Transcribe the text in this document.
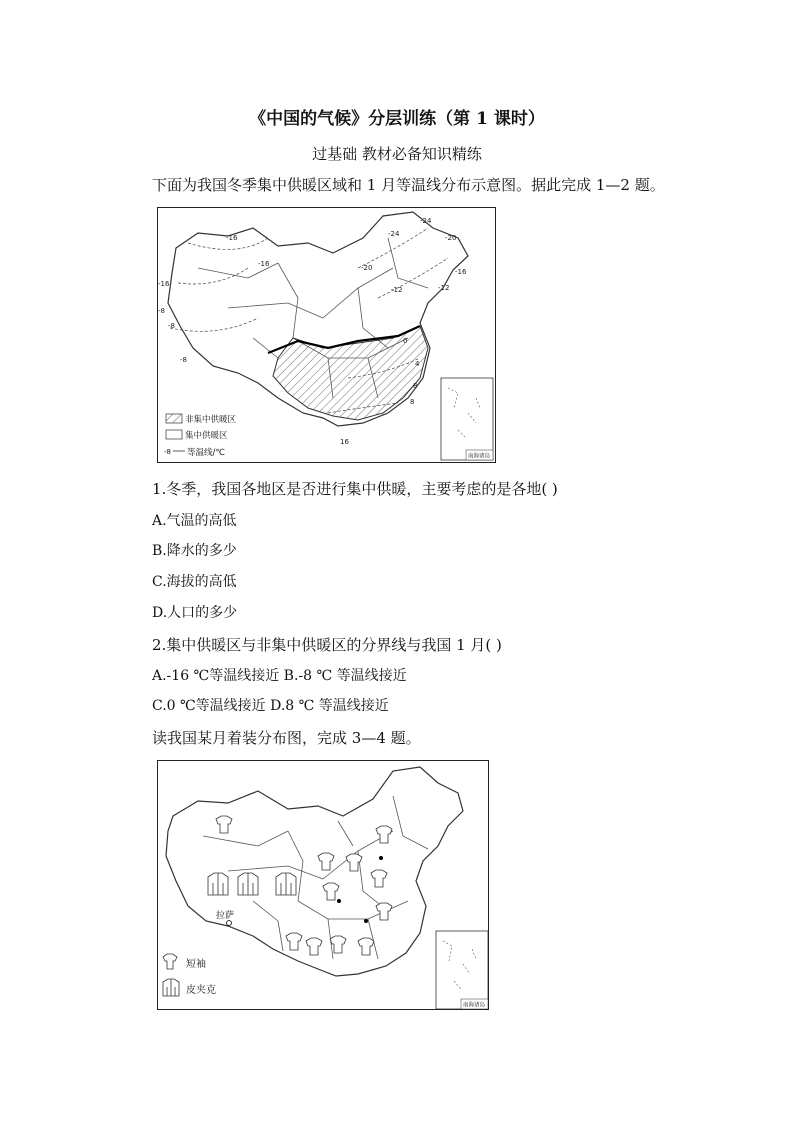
《中国的气候》分层训练（第 1 课时）
过基础 教材必备知识精练
下面为我国冬季集中供暖区域和 1 月等温线分布示意图。据此完成 1—2 题。
-24
-24	-20
-16
-16
-16
-20
-16
-12	-12
-8
-8
-8
0
4
8
8
16
非集中供暖区
集中供暖区
-8 等温线/℃	南海诸岛
1.冬季，我国各地区是否进行集中供暖，主要考虑的是各地( )
A.气温的高低
B.降水的多少
C.海拔的高低
D.人口的多少
2.集中供暖区与非集中供暖区的分界线与我国 1 月( )
A.-16 ℃等温线接近 B.-8 ℃ 等温线接近
C.0 ℃等温线接近 D.8 ℃ 等温线接近
读我国某月着装分布图，完成 3—4 题。
拉萨
短袖
皮夹克
南海诸岛
